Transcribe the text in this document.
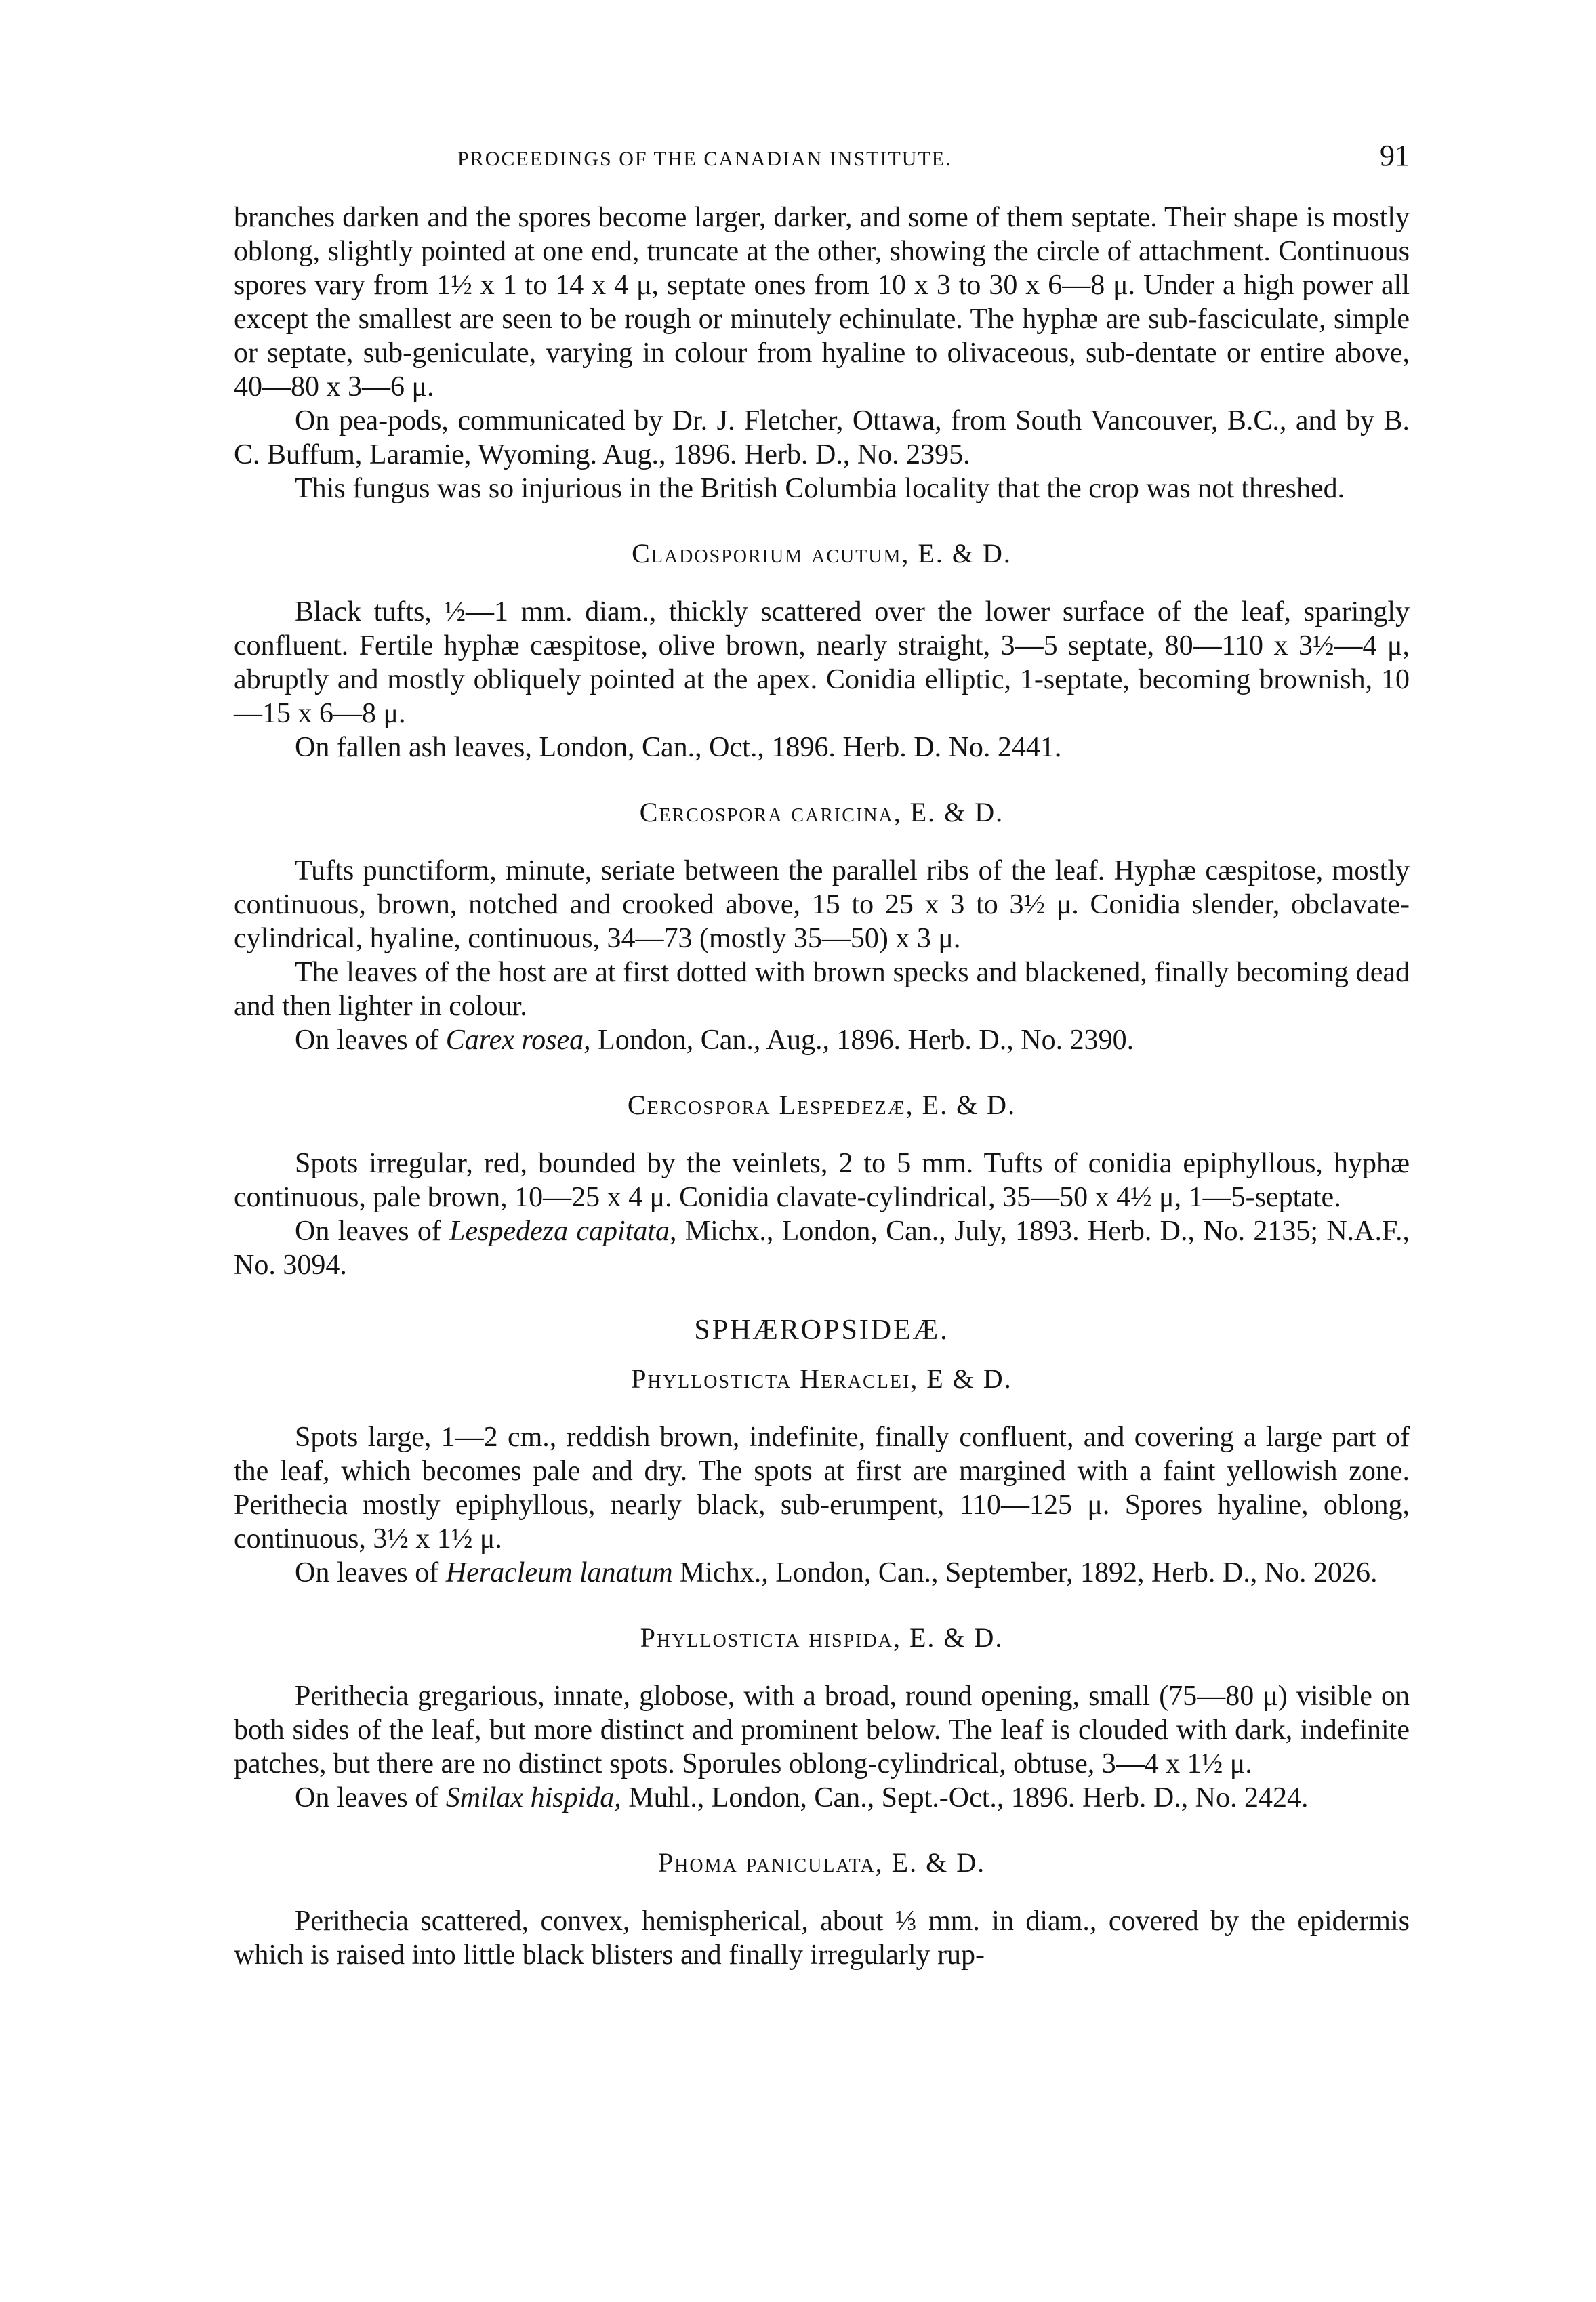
PROCEEDINGS OF THE CANADIAN INSTITUTE.	91

branches darken and the spores become larger, darker, and some of them septate. Their shape is mostly oblong, slightly pointed at one end, truncate at the other, showing the circle of attachment. Continuous spores vary from 1½ x 1 to 14 x 4 μ, septate ones from 10 x 3 to 30 x 6—8 μ. Under a high power all except the smallest are seen to be rough or minutely echinulate. The hyphæ are sub-fasciculate, simple or septate, sub-geniculate, varying in colour from hyaline to olivaceous, sub-dentate or entire above, 40—80 x 3—6 μ.

On pea-pods, communicated by Dr. J. Fletcher, Ottawa, from South Vancouver, B.C., and by B. C. Buffum, Laramie, Wyoming. Aug., 1896. Herb. D., No. 2395.

This fungus was so injurious in the British Columbia locality that the crop was not threshed.

Cladosporium acutum, E. & D.

Black tufts, ½—1 mm. diam., thickly scattered over the lower surface of the leaf, sparingly confluent. Fertile hyphæ cæspitose, olive brown, nearly straight, 3—5 septate, 80—110 x 3½—4 μ, abruptly and mostly obliquely pointed at the apex. Conidia elliptic, 1-septate, becoming brownish, 10—15 x 6—8 μ.

On fallen ash leaves, London, Can., Oct., 1896. Herb. D. No. 2441.

Cercospora caricina, E. & D.

Tufts punctiform, minute, seriate between the parallel ribs of the leaf. Hyphæ cæspitose, mostly continuous, brown, notched and crooked above, 15 to 25 x 3 to 3½ μ. Conidia slender, obclavate-cylindrical, hyaline, continuous, 34—73 (mostly 35—50) x 3 μ.

The leaves of the host are at first dotted with brown specks and blackened, finally becoming dead and then lighter in colour.

On leaves of Carex rosea, London, Can., Aug., 1896. Herb. D., No. 2390.

Cercospora Lespedezæ, E. & D.

Spots irregular, red, bounded by the veinlets, 2 to 5 mm. Tufts of conidia epiphyllous, hyphæ continuous, pale brown, 10—25 x 4 μ. Conidia clavate-cylindrical, 35—50 x 4½ μ, 1—5-septate.

On leaves of Lespedeza capitata, Michx., London, Can., July, 1893. Herb. D., No. 2135; N.A.F., No. 3094.

SPHÆROPSIDEÆ.
Phyllosticta Heraclei, E & D.

Spots large, 1—2 cm., reddish brown, indefinite, finally confluent, and covering a large part of the leaf, which becomes pale and dry. The spots at first are margined with a faint yellowish zone. Perithecia mostly epiphyllous, nearly black, sub-erumpent, 110—125 μ. Spores hyaline, oblong, continuous, 3½ x 1½ μ.

On leaves of Heracleum lanatum Michx., London, Can., September, 1892, Herb. D., No. 2026.

Phyllosticta hispida, E. & D.

Perithecia gregarious, innate, globose, with a broad, round opening, small (75—80 μ) visible on both sides of the leaf, but more distinct and prominent below. The leaf is clouded with dark, indefinite patches, but there are no distinct spots. Sporules oblong-cylindrical, obtuse, 3—4 x 1½ μ.

On leaves of Smilax hispida, Muhl., London, Can., Sept.-Oct., 1896. Herb. D., No. 2424.

Phoma paniculata, E. & D.

Perithecia scattered, convex, hemispherical, about ⅓ mm. in diam., covered by the epidermis which is raised into little black blisters and finally irregularly rup-
